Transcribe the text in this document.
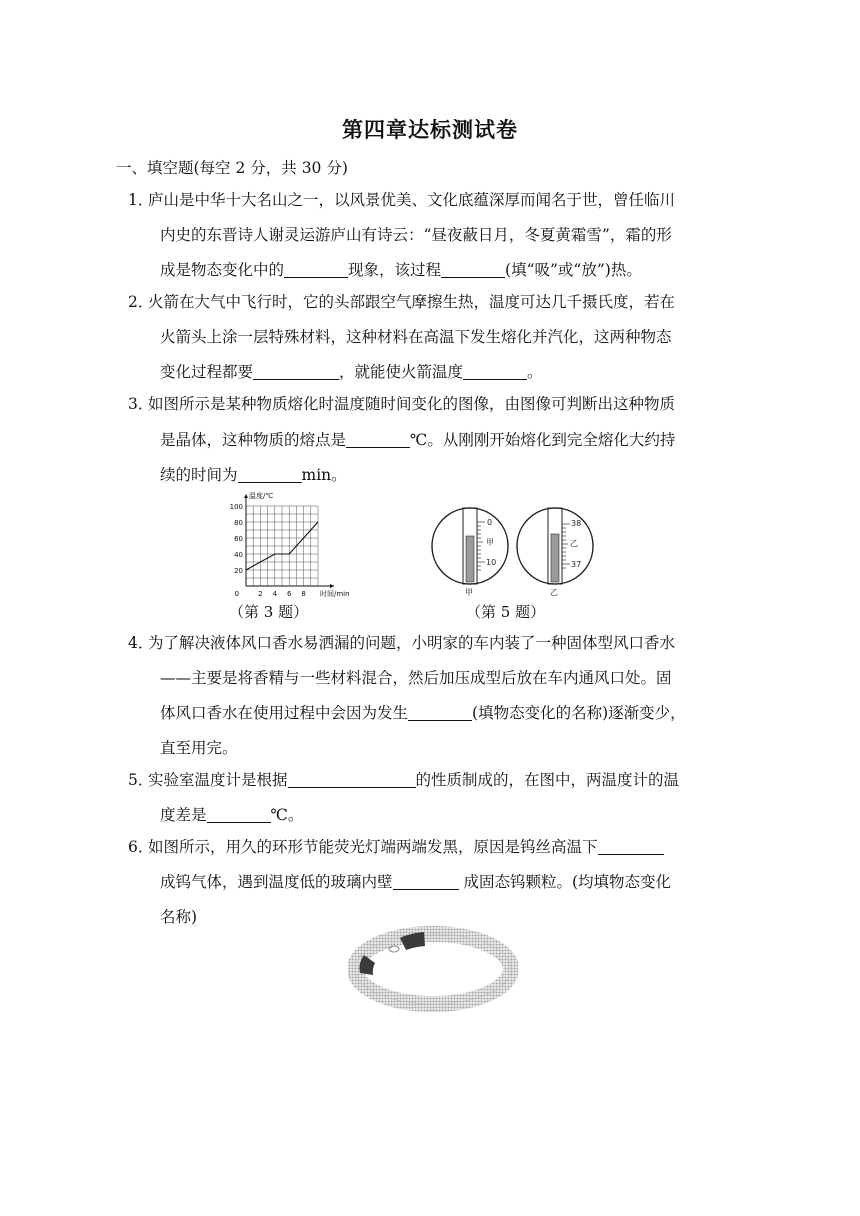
第四章达标测试卷
一、填空题(每空 2 分，共 30 分)
1．庐山是中华十大名山之一，以风景优美、文化底蕴深厚而闻名于世，曾任临川
内史的东晋诗人谢灵运游庐山有诗云：“昼夜蔽日月，冬夏黄霜雪”，霜的形
成是物态变化中的	现象，该过程	(填“吸”或“放”)热。
2．火箭在大气中飞行时，它的头部跟空气摩擦生热，温度可达几千摄氏度，若在
火箭头上涂一层特殊材料，这种材料在高温下发生熔化并汽化，这两种物态
变化过程都要	，就能使火箭温度	。
3．如图所示是某种物质熔化时温度随时间变化的图像，由图像可判断出这种物质
是晶体，这种物质的熔点是	℃。从刚刚开始熔化到完全熔化大约持
续的时间为	min。
20
40
60
80
100
0	2 4 6 8
温度/℃
时间/min
（第 3 题）
0
甲
10
甲
38
乙
37
乙
（第 5 题）
4．为了解决液体风口香水易洒漏的问题，小明家的车内装了一种固体型风口香水
——主要是将香精与一些材料混合，然后加压成型后放在车内通风口处。固
体风口香水在使用过程中会因为发生	(填物态变化的名称)逐渐变少，
直至用完。
5．实验室温度计是根据	的性质制成的，在图中，两温度计的温
度差是	℃。
6．如图所示，用久的环形节能荧光灯端两端发黑，原因是钨丝高温下
成钨气体，遇到温度低的玻璃内壁	成固态钨颗粒。(均填物态变化
名称)
